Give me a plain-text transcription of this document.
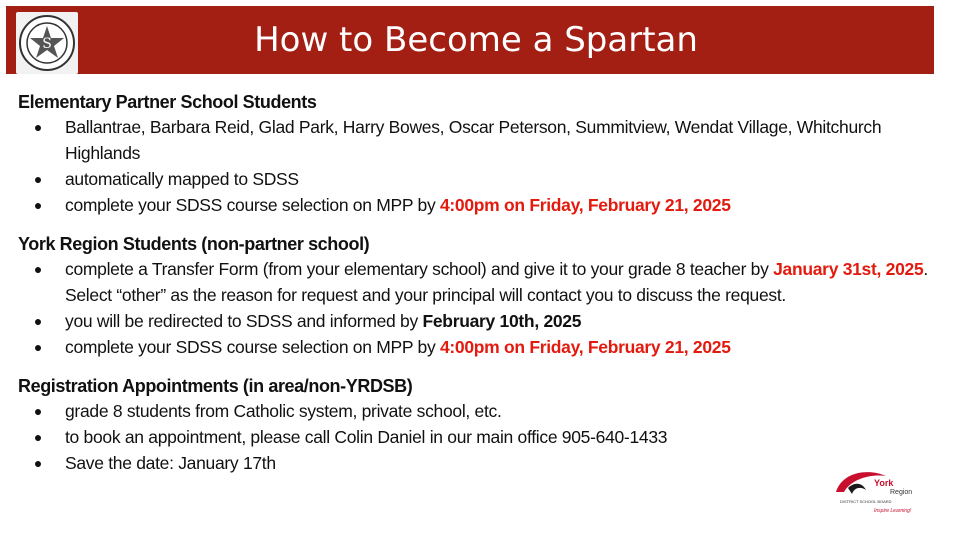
S	How to Become a Spartan
Elementary Partner School Students
● Ballantrae, Barbara Reid, Glad Park, Harry Bowes, Oscar Peterson, Summitview, Wendat Village, Whitchurch Highlands
● automatically mapped to SDSS
● complete your SDSS course selection on MPP by 4:00pm on Friday, February 21, 2025
York Region Students (non-partner school)
● complete a Transfer Form (from your elementary school) and give it to your grade 8 teacher by January 31st, 2025. Select “other” as the reason for request and your principal will contact you to discuss the request.
● you will be redirected to SDSS and informed by February 10th, 2025
● complete your SDSS course selection on MPP by 4:00pm on Friday, February 21, 2025
Registration Appointments (in area/non-YRDSB)
● grade 8 students from Catholic system, private school, etc.
● to book an appointment, please call Colin Daniel in our main office 905-640-1433
● Save the date: January 17th
York
Region
DISTRICT SCHOOL BOARD
Inspire Learning!
